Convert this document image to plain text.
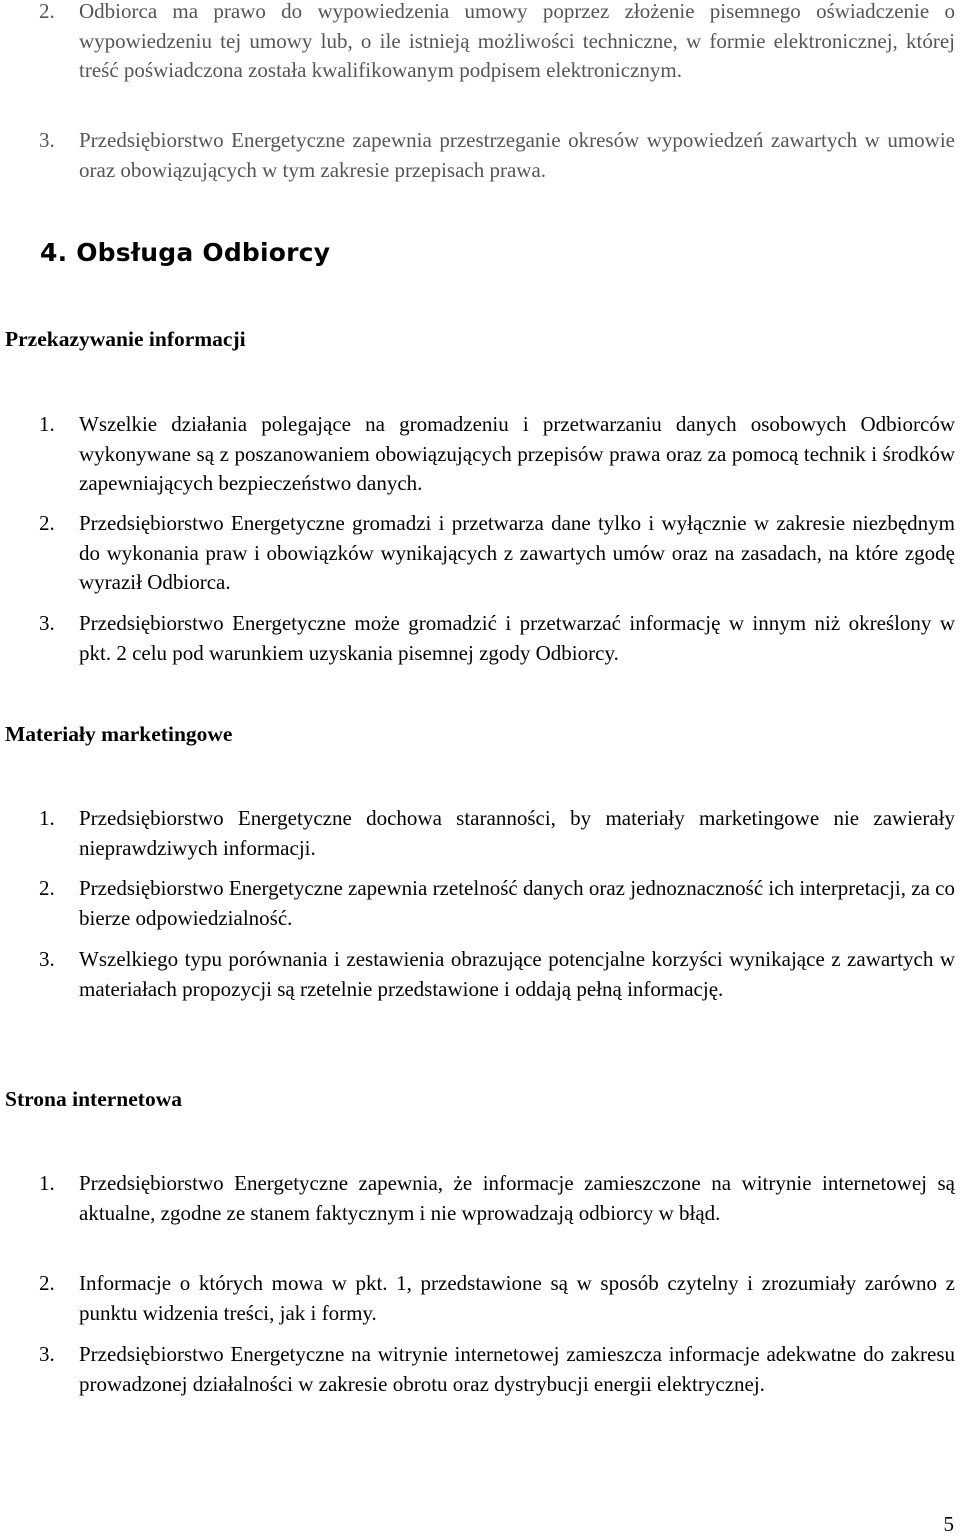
2. Odbiorca ma prawo do wypowiedzenia umowy poprzez złożenie pisemnego oświadczenie o wypowiedzeniu tej umowy lub, o ile istnieją możliwości techniczne, w formie elektronicznej, której treść poświadczona została kwalifikowanym podpisem elektronicznym.
3. Przedsiębiorstwo Energetyczne zapewnia przestrzeganie okresów wypowiedzeń zawartych w umowie oraz obowiązujących w tym zakresie przepisach prawa.
4. Obsługa Odbiorcy
Przekazywanie informacji
1. Wszelkie działania polegające na gromadzeniu i przetwarzaniu danych osobowych Odbiorców wykonywane są z poszanowaniem obowiązujących przepisów prawa oraz za pomocą technik i środków zapewniających bezpieczeństwo danych.
2. Przedsiębiorstwo Energetyczne gromadzi i przetwarza dane tylko i wyłącznie w zakresie niezbędnym do wykonania praw i obowiązków wynikających z zawartych umów oraz na zasadach, na które zgodę wyraził Odbiorca.
3. Przedsiębiorstwo Energetyczne może gromadzić i przetwarzać informację w innym niż określony w pkt. 2 celu pod warunkiem uzyskania pisemnej zgody Odbiorcy.
Materiały marketingowe
1. Przedsiębiorstwo Energetyczne dochowa staranności, by materiały marketingowe nie zawierały nieprawdziwych informacji.
2. Przedsiębiorstwo Energetyczne zapewnia rzetelność danych oraz jednoznaczność ich interpretacji, za co bierze odpowiedzialność.
3. Wszelkiego typu porównania i zestawienia obrazujące potencjalne korzyści wynikające z zawartych w materiałach propozycji są rzetelnie przedstawione i oddają pełną informację.
Strona internetowa
1. Przedsiębiorstwo Energetyczne zapewnia, że informacje zamieszczone na witrynie internetowej są aktualne, zgodne ze stanem faktycznym i nie wprowadzają odbiorcy w błąd.
2. Informacje o których mowa w pkt. 1, przedstawione są w sposób czytelny i zrozumiały zarówno z punktu widzenia treści, jak i formy.
3. Przedsiębiorstwo Energetyczne na witrynie internetowej zamieszcza informacje adekwatne do zakresu prowadzonej działalności w zakresie obrotu oraz dystrybucji energii elektrycznej.
5
